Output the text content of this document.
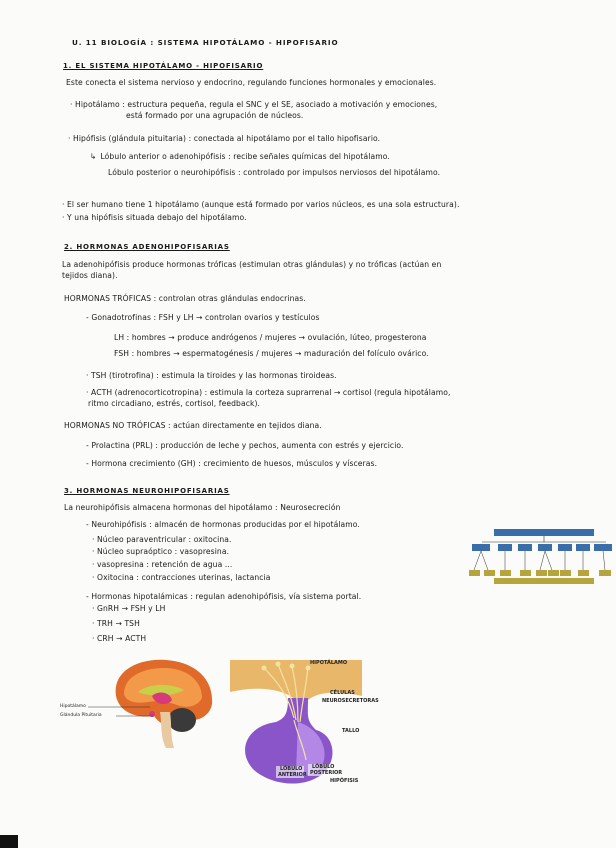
U. 11 BIOLOGÍA : SISTEMA HIPOTÁLAMO - HIPOFISARIO
1. EL SISTEMA HIPOTÁLAMO - HIPOFISARIO
Este conecta el sistema nervioso y endocrino, regulando funciones hormonales y emocionales.
· Hipotálamo : estructura pequeña, regula el SNC y el SE, asociado a motivación y emociones,
está formado por una agrupación de núcleos.
· Hipófisis (glándula pituitaria) : conectada al hipotálamo por el tallo hipofisario.
↳ Lóbulo anterior o adenohipófisis : recibe señales químicas del hipotálamo.
Lóbulo posterior o neurohipófisis : controlado por impulsos nerviosos del hipotálamo.
· El ser humano tiene 1 hipotálamo (aunque está formado por varios núcleos, es una sola estructura).
· Y una hipófisis situada debajo del hipotálamo.
2. HORMONAS ADENOHIPOFISARIAS
La adenohipófisis produce hormonas tróficas (estimulan otras glándulas) y no tróficas (actúan en
tejidos diana).
HORMONAS TRÓFICAS : controlan otras glándulas endocrinas.
- Gonadotrofinas : FSH y LH → controlan ovarios y testículos
LH : hombres → produce andrógenos / mujeres → ovulación, lúteo, progesterona
FSH : hombres → espermatogénesis / mujeres → maduración del folículo ovárico.
· TSH (tirotrofina) : estimula la tiroides y las hormonas tiroideas.
· ACTH (adrenocorticotropina) : estimula la corteza suprarrenal → cortisol (regula hipotálamo,
ritmo circadiano, estrés, cortisol, feedback).
HORMONAS NO TRÓFICAS : actúan directamente en tejidos diana.
- Prolactina (PRL) : producción de leche y pechos, aumenta con estrés y ejercicio.
- Hormona crecimiento (GH) : crecimiento de huesos, músculos y vísceras.
3. HORMONAS NEUROHIPOFISARIAS
La neurohipófisis almacena hormonas del hipotálamo : Neurosecreción
- Neurohipófisis : almacén de hormonas producidas por el hipotálamo.
· Núcleo paraventricular : oxitocina.
· Núcleo supraóptico : vasopresina.
· vasopresina : retención de agua ...
· Oxitocina : contracciones uterinas, lactancia
- Hormonas hipotalámicas : regulan adenohipófisis, vía sistema portal.
· GnRH → FSH y LH
· TRH → TSH
· CRH → ACTH
Hipotálamo
Glándula Pituitaria
HIPOTÁLAMO
CÉLULAS
NEUROSECRETORAS
TALLO
LÓBULO
ANTERIOR
LÓBULO
POSTERIOR
HIPÓFISIS
